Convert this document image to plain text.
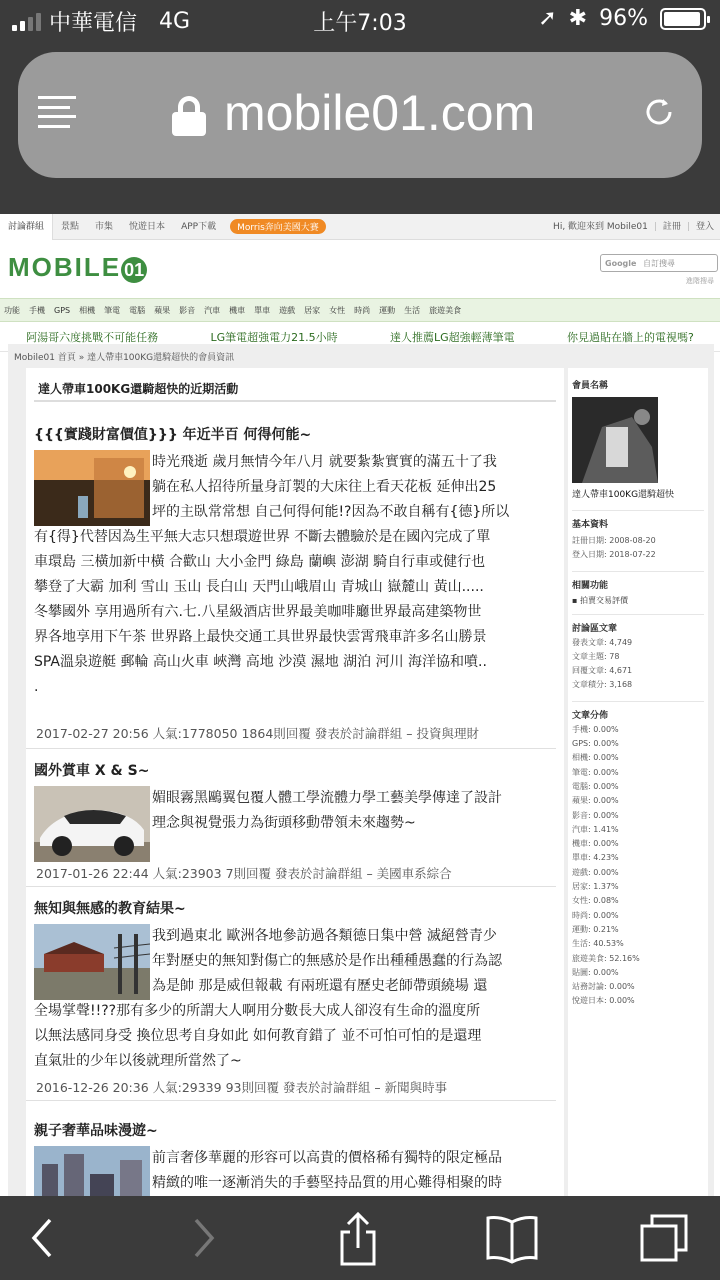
中華電信 4G	上午7:03	➚ ✱ 96%
mobile01.com
討論群組	景點	市集	悅遊日本	APP下載	Morris奔向美國大賽	Hi, 歡迎來到 Mobile01 | 註冊 | 登入
MOBILE 01	Google 自訂搜尋
進階搜尋
功能 手機 GPS 相機 筆電 電腦 蘋果 影音 汽車 機車 單車 遊戲 居家 女性 時尚 運動 生活 旅遊美食
阿湯哥六度挑戰不可能任務	LG筆電超強電力21.5小時	達人推薦LG超強輕薄筆電	你見過貼在牆上的電視嗎?
Mobile01 首頁 » 達人帶車100KG還騎超快的會員資訊
達人帶車100KG還騎超快的近期活動
{{{實踐財富價值}}} 年近半百 何得何能~
時光飛逝 歲月無情今年八月 就要紮紮實實的滿五十了我
躺在私人招待所量身訂製的大床往上看天花板 延伸出25
坪的主臥常常想 自己何得何能!?因為不敢自稱有{德}所以
有{得}代替因為生平無大志只想環遊世界 不斷去體驗於是在國內完成了單
車環島 三橫加新中橫 合歡山 大小金門 綠島 蘭嶼 澎湖 騎自行車或健行也
攀登了大霸 加利 雪山 玉山 長白山 天門山峨眉山 青城山 嶽麓山 黃山.....
冬攀國外 享用過所有六.七.八星級酒店世界最美咖啡廳世界最高建築物世
界各地享用下午茶 世界路上最快交通工具世界最快雲霄飛車許多名山勝景
SPA溫泉遊艇 郵輪 高山火車 峽灣 高地 沙漠 濕地 湖泊 河川 海洋協和噴..
.
2017-02-27 20:56 人氣:1778050 1864則回覆 發表於討論群組 – 投資與理財
國外賞車 X & S~
媚眼霧黑鷗翼包覆人體工學流體力學工藝美學傳達了設計
理念與視覺張力為街頭移動帶領未來趨勢~
2017-01-26 22:44 人氣:23903 7則回覆 發表於討論群組 – 美國車系綜合
無知與無感的教育結果~
我到過東北 歐洲各地參訪過各類德日集中營 滅絕營青少
年對歷史的無知對傷亡的無感於是作出種種愚蠢的行為認
為是帥 那是威但報載 有兩班還有歷史老師帶頭繞場 還
全場掌聲!!??那有多少的所謂大人啊用分數長大成人卻沒有生命的溫度所
以無法感同身受 換位思考自身如此 如何教育錯了 並不可怕可怕的是還理
直氣壯的少年以後就理所當然了~
2016-12-26 20:36 人氣:29339 93則回覆 發表於討論群組 – 新聞與時事
親子奢華品味漫遊~
前言奢侈華麗的形容可以高貴的價格稀有獨特的限定極品
精緻的唯一逐漸消失的手藝堅持品質的用心難得相聚的時
會員名稱
達人帶車100KG還騎超快
基本資料
註冊日期: 2008-08-20
登入日期: 2018-07-22
相關功能
▪ 拍賣交易評價
討論區文章
發表文章: 4,749
文章主題: 78
回覆文章: 4,671
文章積分: 3,168
文章分佈
手機: 0.00%
GPS: 0.00%
相機: 0.00%
筆電: 0.00%
電腦: 0.00%
蘋果: 0.00%
影音: 0.00%
汽車: 1.41%
機車: 0.00%
單車: 4.23%
遊戲: 0.00%
居家: 1.37%
女性: 0.08%
時尚: 0.00%
運動: 0.21%
生活: 40.53%
旅遊美食: 52.16%
貼圖: 0.00%
站務討論: 0.00%
悅遊日本: 0.00%
